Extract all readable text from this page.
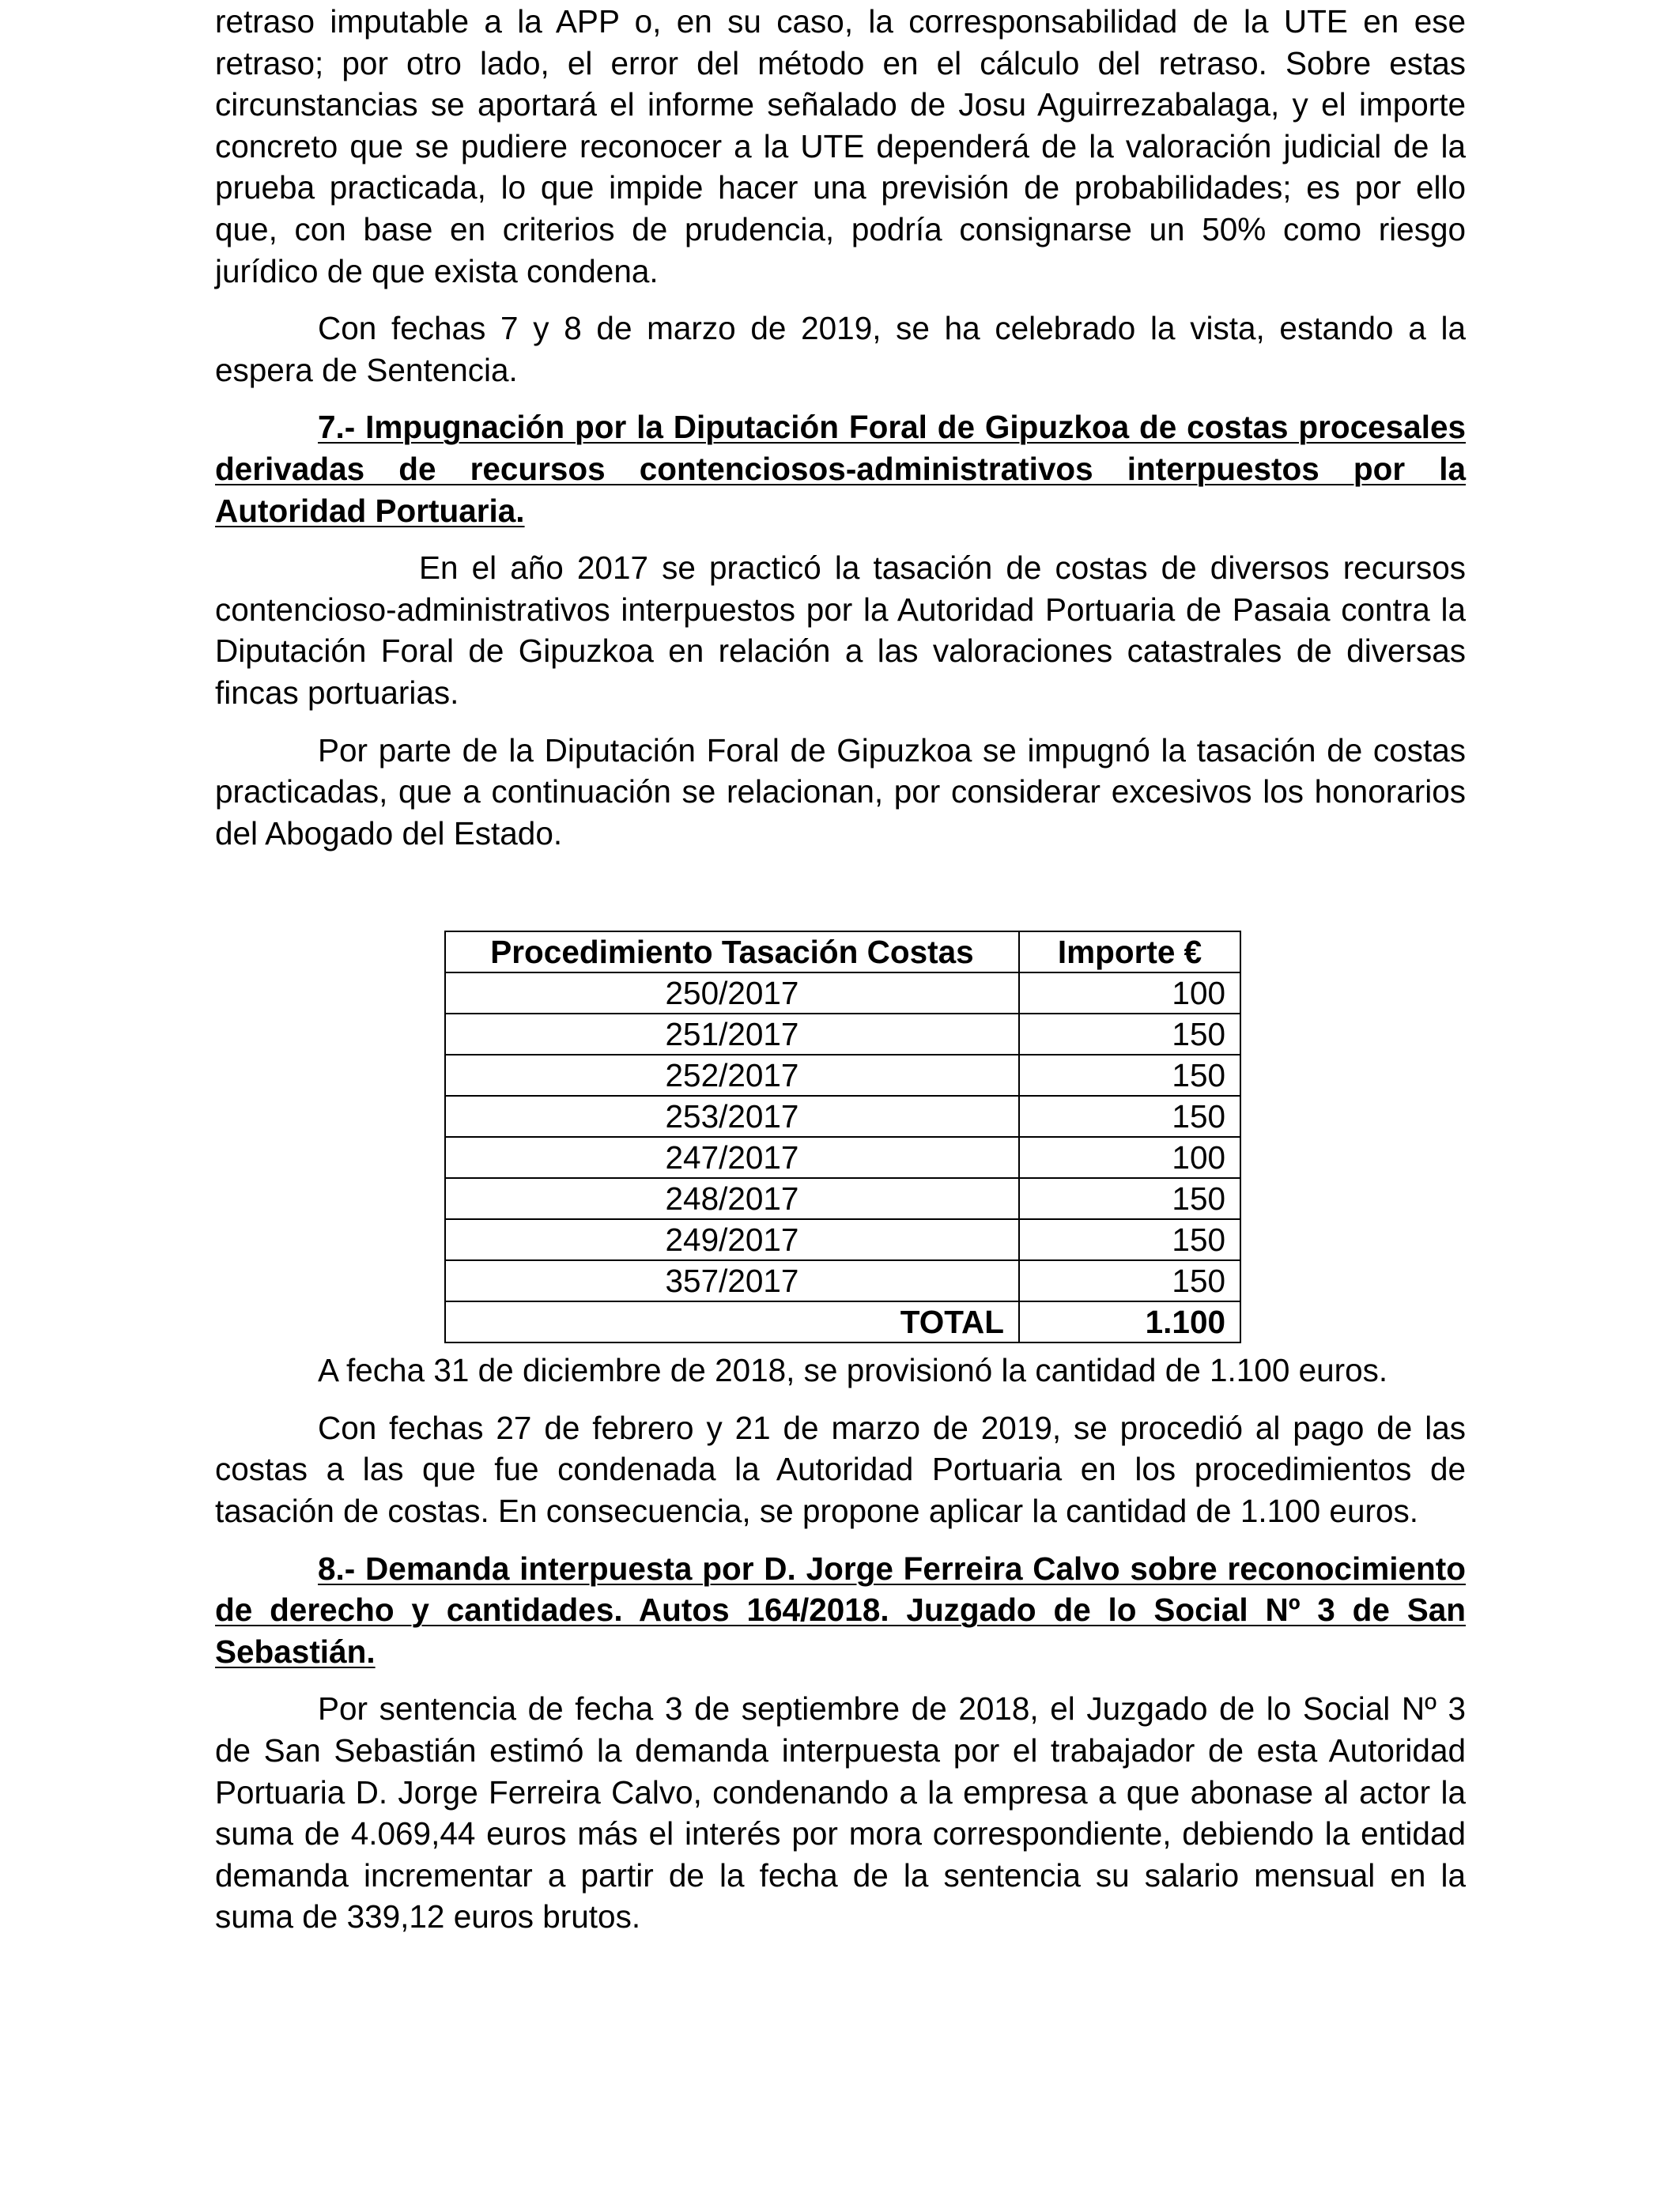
retraso imputable a la APP o, en su caso, la corresponsabilidad de la UTE en ese retraso; por otro lado, el error del método en el cálculo del retraso. Sobre estas circunstancias se aportará el informe señalado de Josu Aguirrezabalaga, y el importe concreto que se pudiere reconocer a la UTE dependerá de la valoración judicial de la prueba practicada, lo que impide hacer una previsión de probabilidades; es por ello que, con base en criterios de prudencia, podría consignarse un 50% como riesgo jurídico de que exista condena.

Con fechas 7 y 8 de marzo de 2019, se ha celebrado la vista, estando a la espera de Sentencia.

7.- Impugnación por la Diputación Foral de Gipuzkoa de costas procesales derivadas de recursos contenciosos-administrativos interpuestos por la Autoridad Portuaria.

En el año 2017 se practicó la tasación de costas de diversos recursos contencioso-administrativos interpuestos por la Autoridad Portuaria de Pasaia contra la Diputación Foral de Gipuzkoa en relación a las valoraciones catastrales de diversas fincas portuarias.

Por parte de la Diputación Foral de Gipuzkoa se impugnó la tasación de costas practicadas, que a continuación se relacionan, por considerar excesivos los honorarios del Abogado del Estado.

Procedimiento Tasación Costas	Importe €
250/2017	100
251/2017	150
252/2017	150
253/2017	150
247/2017	100
248/2017	150
249/2017	150
357/2017	150
TOTAL	1.100

A fecha 31 de diciembre de 2018, se provisionó la cantidad de 1.100 euros.

Con fechas 27 de febrero y 21 de marzo de 2019, se procedió al pago de las costas a las que fue condenada la Autoridad Portuaria en los procedimientos de tasación de costas. En consecuencia, se propone aplicar la cantidad de 1.100 euros.

8.- Demanda interpuesta por D. Jorge Ferreira Calvo sobre reconocimiento de derecho y cantidades. Autos 164/2018. Juzgado de lo Social Nº 3 de San Sebastián.

Por sentencia de fecha 3 de septiembre de 2018, el Juzgado de lo Social Nº 3 de San Sebastián estimó la demanda interpuesta por el trabajador de esta Autoridad Portuaria D. Jorge Ferreira Calvo, condenando a la empresa a que abonase al actor la suma de 4.069,44 euros más el interés por mora correspondiente, debiendo la entidad demanda incrementar a partir de la fecha de la sentencia su salario mensual en la suma de 339,12 euros brutos.
